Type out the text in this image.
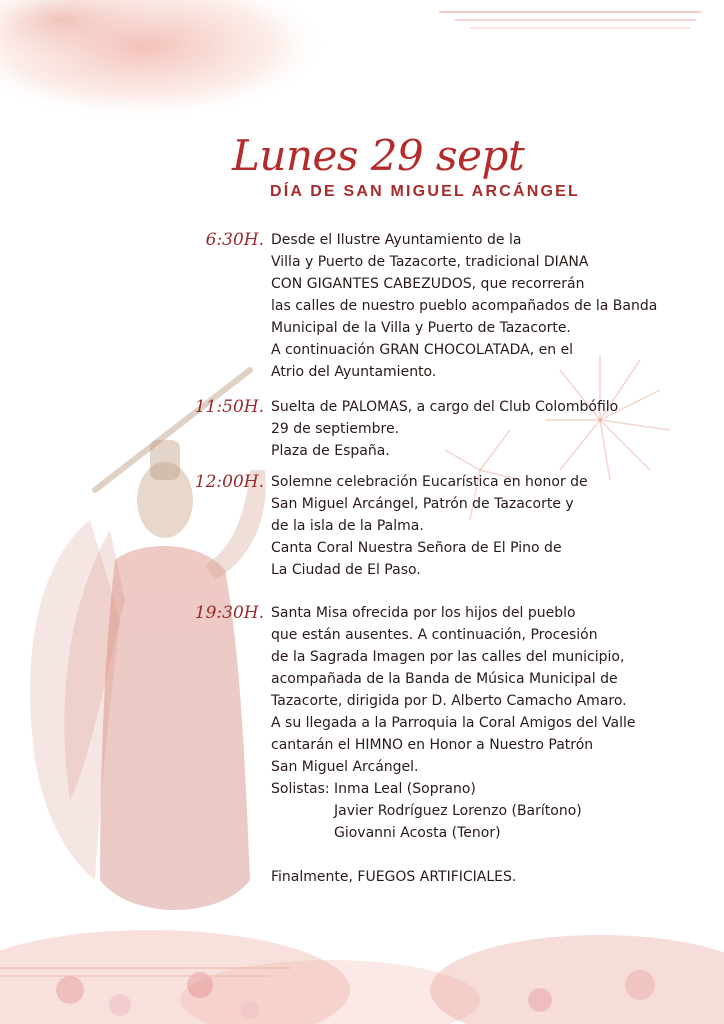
Lunes 29 sept
DÍA DE SAN MIGUEL ARCÁNGEL
6:30H. Desde el Ilustre Ayuntamiento de la
Villa y Puerto de Tazacorte, tradicional DIANA
CON GIGANTES CABEZUDOS, que recorrerán
las calles de nuestro pueblo acompañados de la Banda
Municipal de la Villa y Puerto de Tazacorte.
A continuación GRAN CHOCOLATADA, en el
Atrio del Ayuntamiento.
11:50H. Suelta de PALOMAS, a cargo del Club Colombófilo
29 de septiembre.
Plaza de España.
12:00H. Solemne celebración Eucarística en honor de
San Miguel Arcángel, Patrón de Tazacorte y
de la isla de la Palma.
Canta Coral Nuestra Señora de El Pino de
La Ciudad de El Paso.
19:30H. Santa Misa ofrecida por los hijos del pueblo
que están ausentes. A continuación, Procesión
de la Sagrada Imagen por las calles del municipio,
acompañada de la Banda de Música Municipal de
Tazacorte, dirigida por D. Alberto Camacho Amaro.
A su llegada a la Parroquia la Coral Amigos del Valle
cantarán el HIMNO en Honor a Nuestro Patrón
San Miguel Arcángel.
Solistas: Inma Leal (Soprano)
Javier Rodríguez Lorenzo (Barítono)
Giovanni Acosta (Tenor)
Finalmente, FUEGOS ARTIFICIALES.
